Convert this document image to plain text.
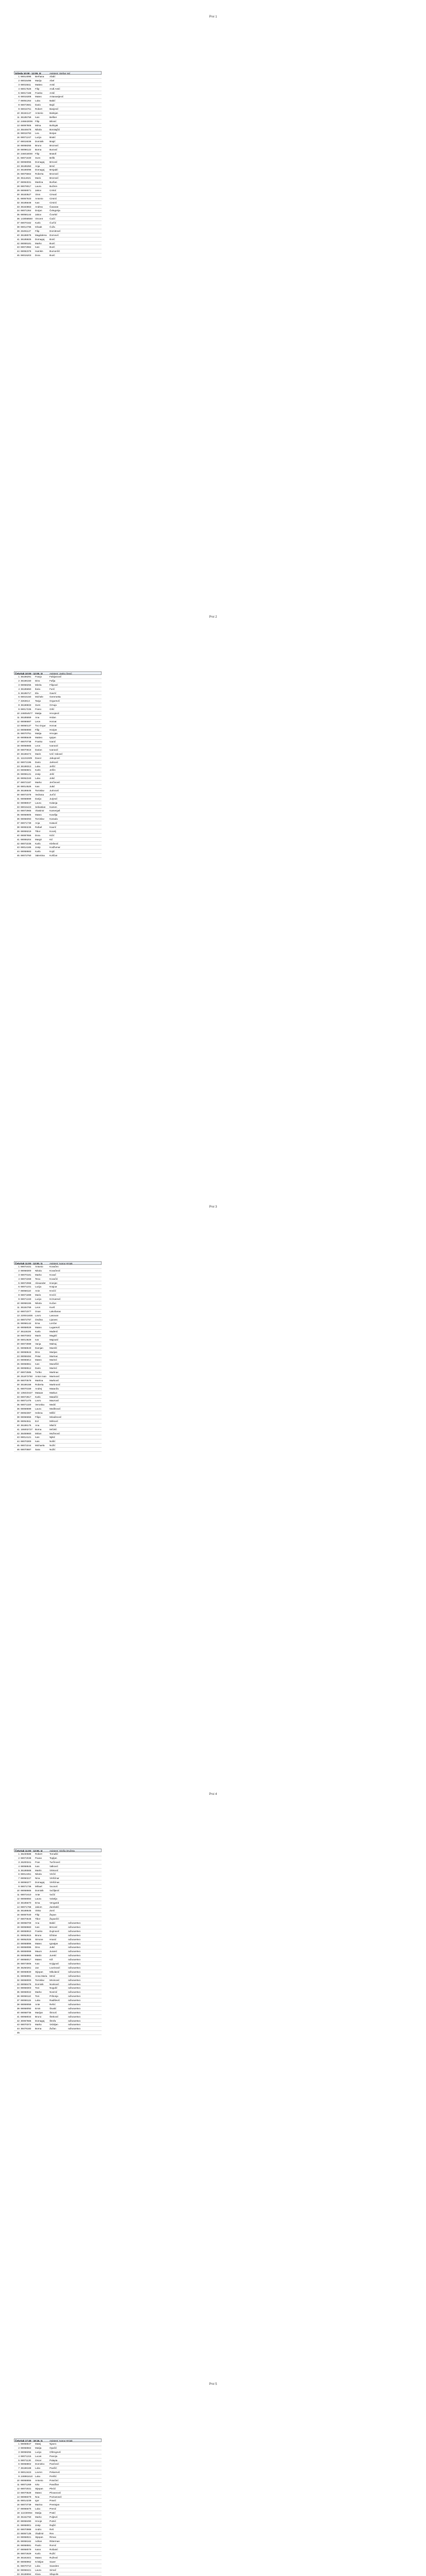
Prvi 1
Srijeda 10:00 - 12:00, I3	Asistent: Stefan Ivić
1 69014095	Berhana	Abdić
2 69015496	Marija	Abel
3 69015511	Matteo	Antić
4 69017526	Filip	Andl.Antić
5 69017168	Franko	Antić
6 69015308	Mateo	Antanasijević
7 69051264	Luka	Babić
8 69072681	Dario	Bajić
9 69015761	Robert	Banjević
10 36184147	Antonio	Batinjan
11 36185759	Ivan	Bešker
12 246843006	Filip	Bilonić
13 69097806	Mirna	Bošnjak
14 36448478	Nikola	Borotajčić
15 69015783	Lea	Borjan
16 69071247	Lucija	Bratić
17 69015036	Dominik	Brajić
18 69068255	Bruno	Brozović
19 69096122	Borna	Burović
20 246018000	Filip	Bratoš
21 69071630	Sven	Brišk
22 69068055	Domagoj	Brnović
23 36185350	Anja	Brnić
24 36186096	Domagoj	Brnjadić
25 69075564	Roberta	Brozović
26 35114621	Mario	Brozović
27 69084031	Martina	Buršan
28 69078017	Laura	Bučinin
29 69069071	Jakov	Crnkić
30 36183527	Vinm	Cimaić
31 69067633	Antonio	Cimirić
32 36185648	Ivan	Cimirić
33 36163653	Andrea	Čavaran
34 69071364	Dorjan	Čelegorija
35 69066144	Jakov	Čvorkić
36 143058550	Vincent	Ćaćić
37 69070162	Karlo	Ćurčić
38 69014786	Ishaak	Ćuža
39 26491127	Filip	Domitrović
40 36188078	Magdalena	Domović
41 36185825	Domagoj	Đorić
42 69069181	Marko	Đurić
43 69072984	Ivan	Đurić
44 69082378	Hamkin	Đumončić
45 69015203	Dora	Đurić
Prvi 2
Četvrtak 10:00 - 12:00, I3	Asistent: Janko Šević
1 36186291	Franjo	Fabijanović
2 36186150	Dino	Fafija
3 69068255	Mirela	Filipović
4 36185650	Ilaria	Furić
5 36185717	Ela	Gavrić
6 69015150	Michele	Geremetta
7 3263614	Tanja	Grgurević
8 36186833	Sven	Grnuja
9 69017235	Frano	Grlić
10 246054577	Matija	Hrvojević
11 36185559	Ana	Hrdan
12 69086687	Leon	Horvat
13 69060137	Tvo Grgur	Horvat
14 69068690	Filip	Hozjan
15 69070751	Matija	Hrvojan
16 69085649	Matteo	Ignjan
17 69070738	Franko	Ivanić
18 69068665	Leon	Ivanović
19 69070618	Darian	Ivanović
20 36188474	Marin	Ivrić Vuković
21 111151509	Davor	Jakupović
22 69072196	Dario	Jarković
23 36188313	Luka	Jelčić
24 69068601	Karlo	Jelčin
25 69055131	Josip	Jelić
26 69062340	Luka	Jokić
27 69072187	Marko	Jerčinović
28 69014526	Ivan	Jukić
29 36186645	Tomislav	Jurinović
30 69072378	Vedrana	Jurčić
31 69068699	Darija	Jurjević
32 69088047	Laura	Kalanja
33 69015423	Sebastian	Kamen
34 69072965	Vlastimir	Kamenjaš
35 69068605	Mateo	Kanđija
36 69066093	Tomislav	Karaula
37 69071739	Anja	Katavić
38 69083236	Rafael	Kaurić
39 69069219	Tibor	Kocelj
40 69087656	Dora	Kićić
41 69065204	Margit	Kić
42 69072235	Karlo	Klešević
43 69014166	Josip	Kodžumar
44 69068683	Karlo	Kojić
45 69072750	Valentina	Koščan
Prvi 3
Četvrtak 11:00 - 13:00, I1	Asistent: Ivana Hrnjak
1 69072431	Antonio	Kovačev
2 69068300	Nikola	Kovačević
3 69070181	Marko	Kovač
4 69072269	Tena	Kovačić
5 69072068	Alexander	Kranjec
6 69071231	Lucija	Krajcar
7 69068110	Anin	Kroćić
8 69071699	Mario	Kroćić
9 69071340	Lucija	Krznarević
10 69068155	Nikola	Kučan
11 36184769	Leon	Kveš
12 69072377	Ocan	Lakošanac
13 220041836	Lovro	Lasovan
14 69072787	Ondina	Lipovec
15 69066142	Ema	Lončar
16 69068029	Mateo	Lugarević
17 36118226	Karlo	Mađerić
18 69070302	Marin	Magdić
19 69013629	Ivor	Majnarić
20 69073089	Vanja	Malnaj
21 69068640	Damjan	Marelić
22 69068643	Dino	Marijan
23 69068484	Petar	Marinac
24 69065814	Mateo	Marinić
25 69068551	Ivan	Maraščić
26 69068512	Dario	Marinić
27 69072585	Tvrtko	Martinac
28 251873750	Anton Ivan	Marinović
29 69070578	Martina	Marković
30 36186158	Roberta	Martinović
31 69070159	Andrej	Matanža
32 135023427	Mataan	Matkun
33 69072817	Karlo	Matulčić
34 69071475	Lovro	Mavrović
35 69071320	Veronika	Medić
36 69069599	Laura	Medlinović
37 69063387	Helena	Milčić
38 69066656	Filipo	Miradinović
39 69064511	Eol	Mirković
40 36188176	Ana	Mlačić
41 155002727	Borna	Mrčelić
42 36459660	Mirian	Mužinović
43 69014121	Ivan	Njikić
44 69070300	Ivan	Nošić
45 69072244	Michaela	Nožić
46 69070687	Sara	Nožić
Prvi 4
Četvrtak 11:00 - 13:00, I2	Asistent: Siniša Družeta
1 36230588	Robert	Tomašić
2 69072038	Pavao	Topljan
3 26200341	Fran	Turčinović
4 69068645	Ivan	Valković
5 36186568	Martin	Vinković
6 69014451	Nikola	Vinčić
7 69060227	Nina	Vinšćinar
8 69066377	Domagoj	Vinšćinac
9 69071736	Mihael	Vucović
10 69068665	Dominik	Vučiljević
11 69072410	Ante	Vučić
12 69069084	Laura	Vukelja
13 36185670	Ema	Vengarid
14 69071768	Jakom	Zambelić
15 36188645	Vinko	Zorić
16 69087040	Filip	Župan
17 69070546	Tibor	Župančić
18 69068709	Ana	Babić	ražunarstvo
19 69068660	Ivan	Brnović	ražunarstvo
20 69068910	Franko	Dujmović	ražunarstvo
21 69062615	Bruno	Džolan	ražunarstvo
22 69062025	Simone	Hranić	ražunarstvo
23 69068896	Mateo	Ignatjan	ražunarstvo
24 69068086	Dino	Jukić	ražunarstvo
25 69069069	Mauro	Juranić	ražunarstvo
26 69068966	Martin	Juretić	ražunarstvo
27 69068017	Mateo	Kiš	ražunarstvo
28 69073005	Ivan	Knjigović	ražunarstvo
29 36250261	Jan	Lovrinović	ražunarstvo
30 69068830	Stjepan	Mikulanić	ražunarstvo
31 69068991	Anna Maria Mrnić	ražunarstvo
32 69068000	Tomislav	Mrvinović	ražunarstvo
33 69068478	Dominik	Novković	ražunarstvo
34 69068303	Toni	Nogulić	ražunarstvo
35 69068022	Marko	Novinić	ražunarstvo
36 69068110	Toni	Pribonja	ražunarstvo
37 69068115	Luka	Radišević	ražunarstvo
38 69069059	Ante	Rehić	ražunarstvo
39 69068092	Emin	Šivalić	ražunarstvo
40 69068735	Marijan	Štrović	ražunarstvo
41 69068034	Bruno	Šteković	ražunarstvo
42 30067666	Domagoj	Štrofa	ražunarstvo
43 69070372	Marko	Vrdoljan	ražunarstvo
44 36476182	Borna	Žužan	ražunarstvo
45
Prvi 5
Četvrtak 17:45 - 19:15, I1	Asistent: Ivana Hrnjak
1 69068647	Matej	Njavro
2 69068564	Matija	Opačić
3 69068255	Lucija	Oštrogović
4 69071215	Lucas	Pancija
5 69071130	Oscar	Palapia
6 69068802	Dominko	Pančević
7 36188168	Luka	Pavičić
8 69013423	Lovren	Pekarević
9 246981610	Luka	Perišić
10 69068655	Antonio	Potočnić
11 69071269	Ivko	Pandžan
12 69072031	Stjepan	Plećić
13 69070528	Mateo	Plovanović
14 69065079	Noa	Poznanović
15 69014239	Igor	Pravić
16 69073739	Marina	Prestojan
17 69065675	Luka	Prenić
18 112230064	Matija	Pratić
19 35152760	Marko	Puljević
20 69068490	Hrvoje	Putnić
21 69068001	Josip	Rajčić
22 69070988	Andro	Reli
23 69067135	Vladimir	Rev
24 69068021	Stjepan	Rimac
25 69068162	Adrian	Ritterman
26 69068591	Paolo	Romić
27 69068079	Ivano	Rošanić
28 69072629	Karlo	Ružić
29 36181921	Mateo	Ružević
30 69068962	Kristijan	Saver
31 69070710	Luka	Saveden
32 69068421	Laura	Sirnač
33 36188694	Klara	Sllapolin
